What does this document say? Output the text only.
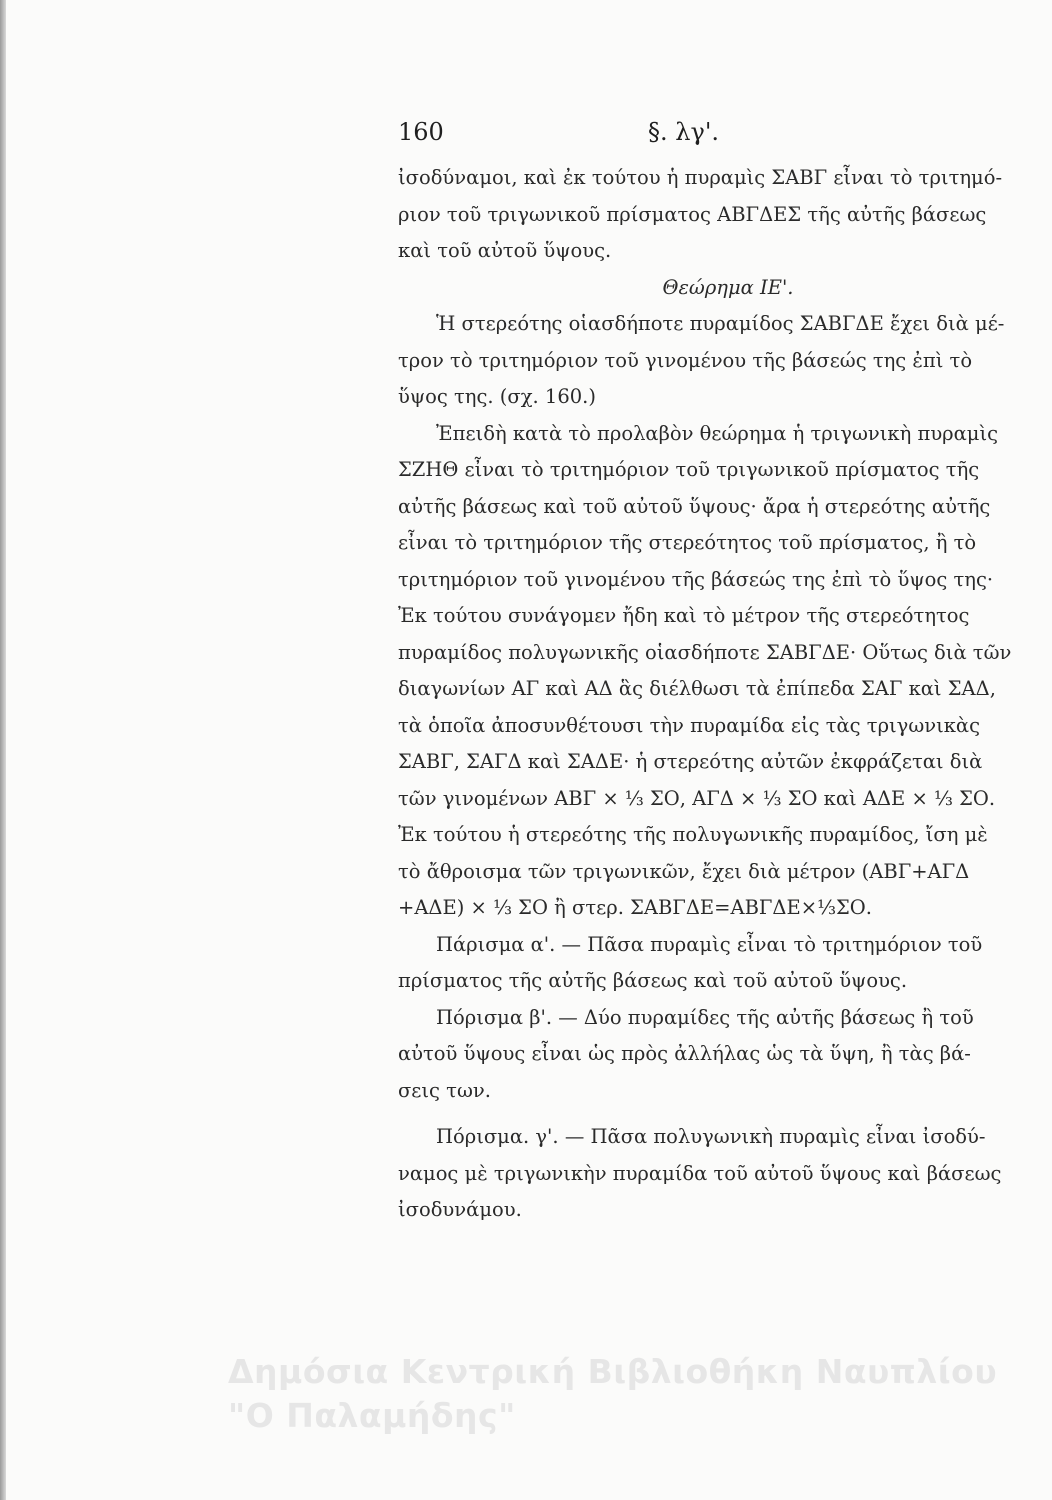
160	§. λγ'.
ἰσοδύναμοι, καὶ ἐκ τούτου ἡ πυραμὶς ΣΑΒΓ εἶναι τὸ τριτημό-
ριον τοῦ τριγωνικοῦ πρίσματος ΑΒΓΔΕΣ τῆς αὐτῆς βάσεως
καὶ τοῦ αὐτοῦ ὕψους.
Θεώρημα ΙΕ'.
Ἡ στερεότης οἱασδήποτε πυραμίδος ΣΑΒΓΔΕ ἔχει διὰ μέ-
τρον τὸ τριτημόριον τοῦ γινομένου τῆς βάσεώς της ἐπὶ τὸ
ὕψος της. (σχ. 160.)
Ἐπειδὴ κατὰ τὸ προλαβὸν θεώρημα ἡ τριγωνικὴ πυραμὶς
ΣΖΗΘ εἶναι τὸ τριτημόριον τοῦ τριγωνικοῦ πρίσματος τῆς
αὐτῆς βάσεως καὶ τοῦ αὐτοῦ ὕψους· ἄρα ἡ στερεότης αὐτῆς
εἶναι τὸ τριτημόριον τῆς στερεότητος τοῦ πρίσματος, ἢ τὸ
τριτημόριον τοῦ γινομένου τῆς βάσεώς της ἐπὶ τὸ ὕψος της·
Ἐκ τούτου συνάγομεν ἤδη καὶ τὸ μέτρον τῆς στερεότητος
πυραμίδος πολυγωνικῆς οἱασδήποτε ΣΑΒΓΔΕ· Οὕτως διὰ τῶν
διαγωνίων ΑΓ καὶ ΑΔ ἃς διέλθωσι τὰ ἐπίπεδα ΣΑΓ καὶ ΣΑΔ,
τὰ ὁποῖα ἀποσυνθέτουσι τὴν πυραμίδα εἰς τὰς τριγωνικὰς
ΣΑΒΓ, ΣΑΓΔ καὶ ΣΑΔΕ· ἡ στερεότης αὐτῶν ἐκφράζεται διὰ
τῶν γινομένων ΑΒΓ × ⅓ ΣΟ, ΑΓΔ × ⅓ ΣΟ καὶ ΑΔΕ × ⅓ ΣΟ.
Ἐκ τούτου ἡ στερεότης τῆς πολυγωνικῆς πυραμίδος, ἴση μὲ
τὸ ἄθροισμα τῶν τριγωνικῶν, ἔχει διὰ μέτρον (ΑΒΓ+ΑΓΔ
+ΑΔΕ) × ⅓ ΣΟ ἢ στερ. ΣΑΒΓΔΕ=ΑΒΓΔΕ×⅓ΣΟ.
Πάρισμα α'. — Πᾶσα πυραμὶς εἶναι τὸ τριτημόριον τοῦ
πρίσματος τῆς αὐτῆς βάσεως καὶ τοῦ αὐτοῦ ὕψους.
Πόρισμα β'. — Δύο πυραμίδες τῆς αὐτῆς βάσεως ἢ τοῦ
αὐτοῦ ὕψους εἶναι ὡς πρὸς ἀλλήλας ὡς τὰ ὕψη, ἢ τὰς βά-
σεις των.
Πόρισμα. γ'. — Πᾶσα πολυγωνικὴ πυραμὶς εἶναι ἰσοδύ-
ναμος μὲ τριγωνικὴν πυραμίδα τοῦ αὐτοῦ ὕψους καὶ βάσεως
ἰσοδυνάμου.
Δημόσια Κεντρική Βιβλιοθήκη Ναυπλίου
"Ο Παλαμήδης"
